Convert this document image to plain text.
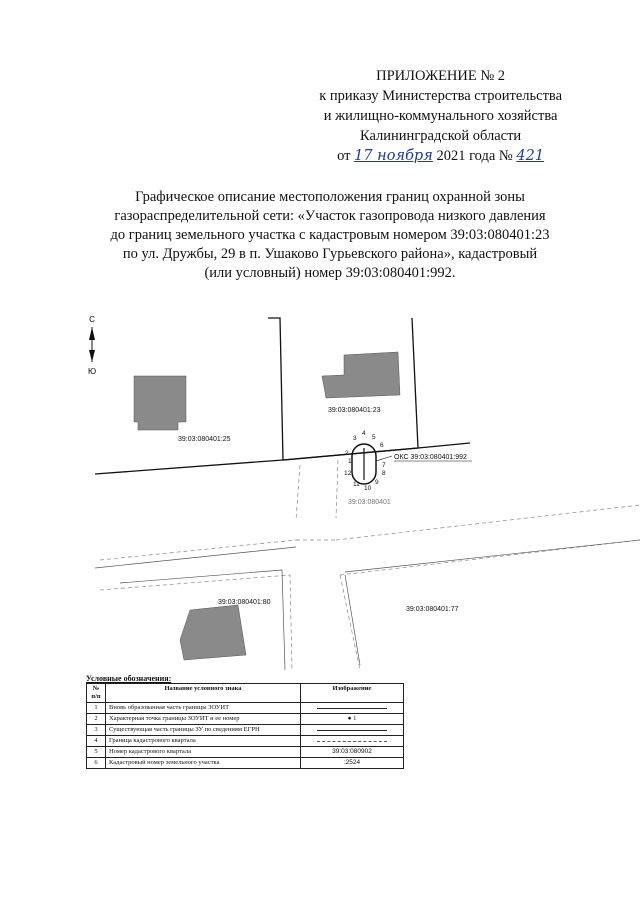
ПРИЛОЖЕНИЕ № 2
к приказу Министерства строительства
и жилищно-коммунального хозяйства
Калининградской области
от 17 ноября 2021 года № 421
Графическое описание местоположения границ охранной зоны
газораспределительной сети: «Участок газопровода низкого давления
до границ земельного участка с кадастровым номером 39:03:080401:23
по ул. Дружбы, 29 в п. Ушаково Гурьевского района», кадастровый
(или условный) номер 39:03:080401:992.
С
Ю
1
2
3
4
5
6
7
8
9
10
11
12
39:03:080401:23
39:03:080401:25
39:03:080401
39:03:080401:80
39:03:080401:77
ОКС 39:03:080401:992
Условные обозначения:
№ п/п	Название условного знака	Изображение
1	Вновь образованная часть границы ЗОУИТ	
2	Характерная точка границы ЗОУИТ и ее номер	● 1
3	Существующая часть границы ЗУ по сведениям ЕГРН	
4	Граница кадастрового квартала	
5	Номер кадастрового квартала	39:03:080902
6	Кадастровый номер земельного участка	:2524
